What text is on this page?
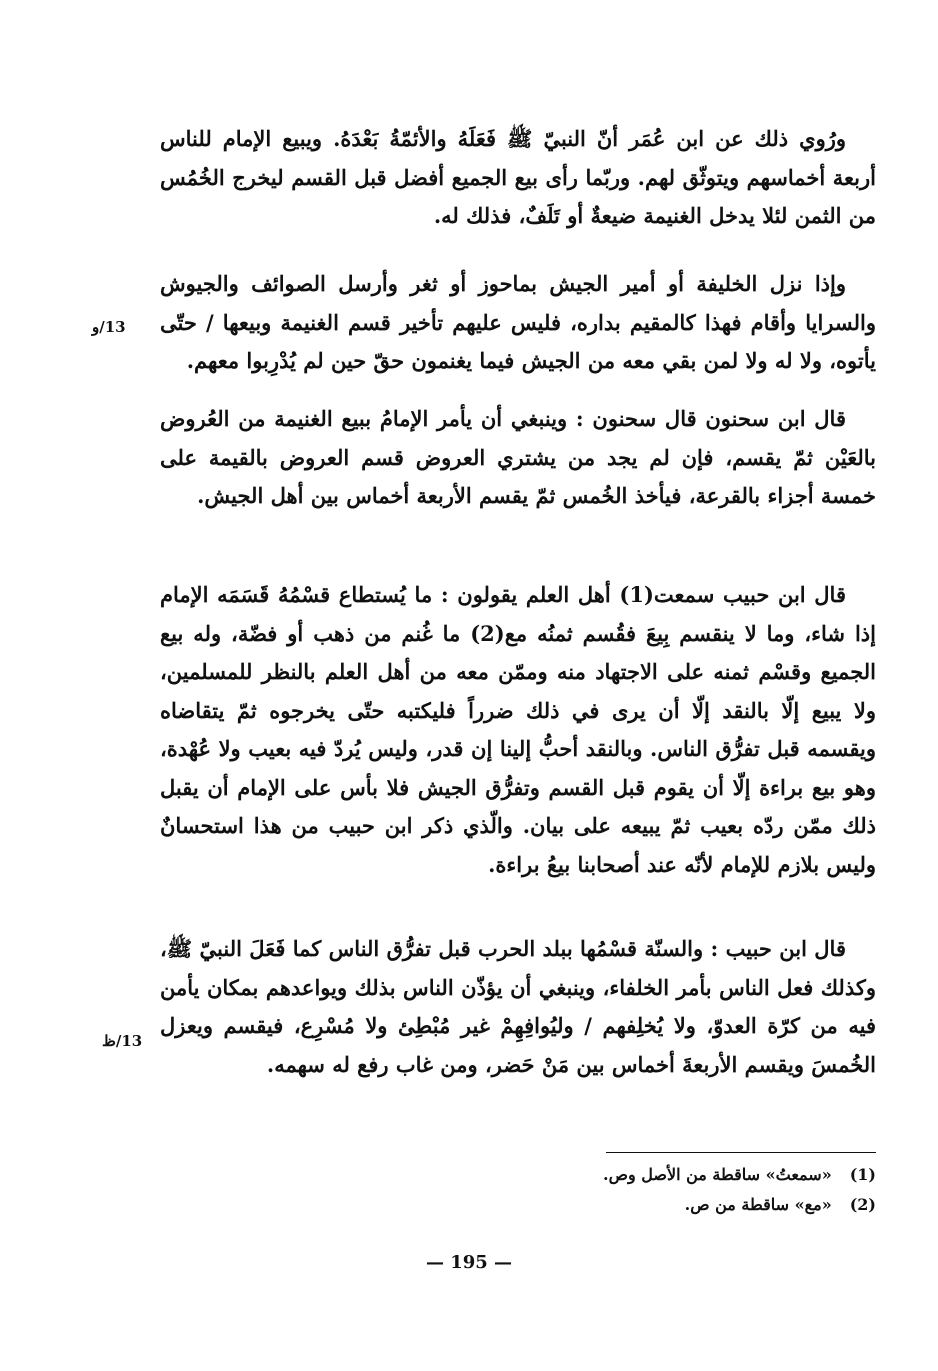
ورُوي ذلك عن ابن عُمَر أنّ النبيّ ﷺ فَعَلَهُ والأئمّةُ بَعْدَهُ. ويبيع الإمام للناس أربعة أخماسهم ويتوثّق لهم. وربّما رأى بيع الجميع أفضل قبل القسم ليخرج الخُمُس من الثمن لئلا يدخل الغنيمة ضيعةٌ أو تَلَفٌ، فذلك له.

وإذا نزل الخليفة أو أمير الجيش بماحوز أو ثغر وأرسل الصوائف والجيوش والسرايا وأقام فهذا كالمقيم بداره، فليس عليهم تأخير قسم الغنيمة وبيعها / حتّى يأتوه، ولا له ولا لمن بقي معه من الجيش فيما يغنمون حقّ حين لم يُدْرِبوا معهم.

قال ابن سحنون قال سحنون : وينبغي أن يأمر الإمامُ ببيع الغنيمة من العُروض بالعَيْن ثمّ يقسم، فإن لم يجد من يشتري العروض قسم العروض بالقيمة على خمسة أجزاء بالقرعة، فيأخذ الخُمس ثمّ يقسم الأربعة أخماس بين أهل الجيش.

قال ابن حبيب سمعت(1) أهل العلم يقولون : ما يُستطاع قسْمُهُ قَسَمَه الإمام إذا شاء، وما لا ينقسم بِيعَ فقُسم ثمنُه مع(2) ما غُنم من ذهب أو فضّة، وله بيع الجميع وقسْم ثمنه على الاجتهاد منه وممّن معه من أهل العلم بالنظر للمسلمين، ولا يبيع إلّا بالنقد إلّا أن يرى في ذلك ضرراً فليكتبه حتّى يخرجوه ثمّ يتقاضاه ويقسمه قبل تفرُّق الناس. وبالنقد أحبُّ إلينا إن قدر، وليس يُردّ فيه بعيب ولا عُهْدة، وهو بيع براءة إلّا أن يقوم قبل القسم وتفرُّق الجيش فلا بأس على الإمام أن يقبل ذلك ممّن ردّه بعيب ثمّ يبيعه على بيان. والّذي ذكر ابن حبيب من هذا استحسانٌ وليس بلازم للإمام لأنّه عند أصحابنا بيعُ براءة.

قال ابن حبيب : والسنّة قسْمُها ببلد الحرب قبل تفرُّق الناس كما فَعَلَ النبيّ ﷺ، وكذلك فعل الناس بأمر الخلفاء، وينبغي أن يؤذّن الناس بذلك ويواعدهم بمكان يأمن فيه من كرّة العدوّ، ولا يُخلِفهم / وليُوافِهِمْ غير مُبْطِئ ولا مُسْرِع، فيقسم ويعزل الخُمسَ ويقسم الأربعةَ أخماس بين مَنْ حَضر، ومن غاب رفع له سهمه.

13/و
13/ظ
(1)
«سمعتُ» ساقطة من الأصل وص.
(2)
«مع» ساقطة من ص.
— 195 —
